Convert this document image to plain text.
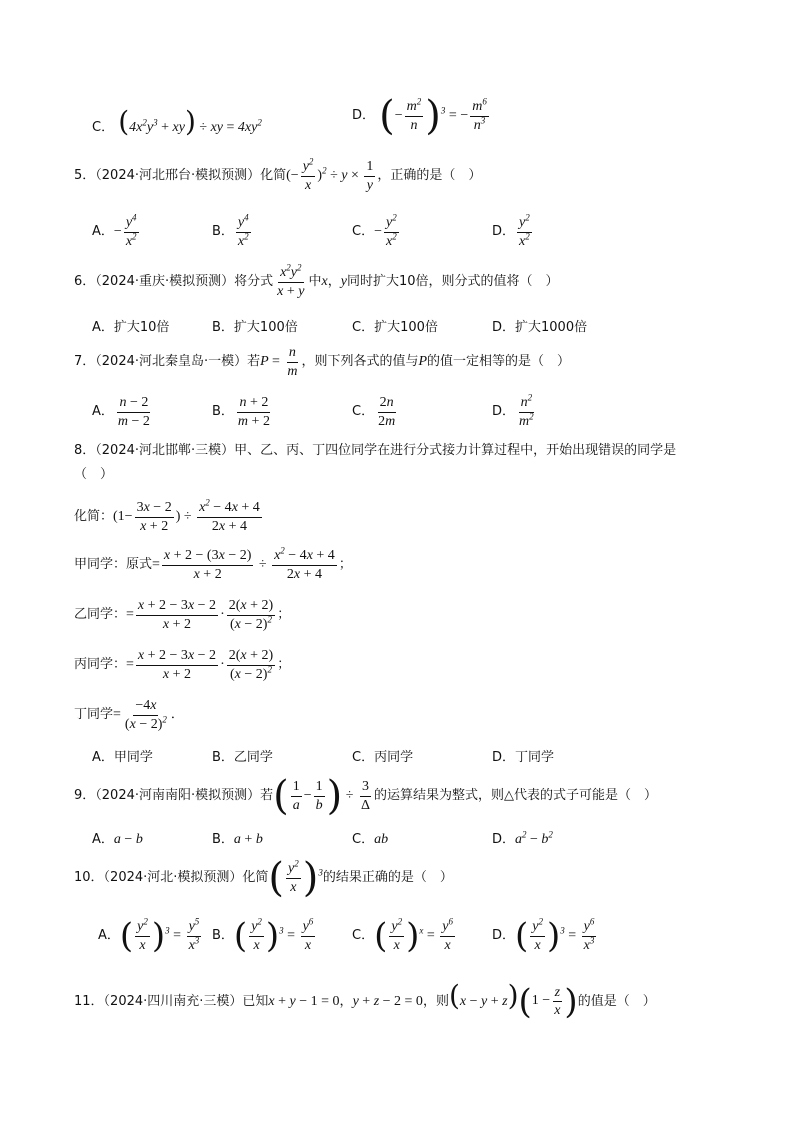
C． $(4x^2y^3 + xy)$ ÷ xy = $4xy^2$	D． ( − $\frac{m^2}{n}$ ) $^3$ = − $\frac{m^6}{n^3}$
5．（2024·河北邢台·模拟预测）化简(− $\frac{y^2}{x} )^2 \div y \times \frac{1}{y}$ ，正确的是（　）
A．− $\frac{y^4}{x^2}$	B． $\frac{y^4}{x^2}$	C．− $\frac{y^2}{x^2}$	D． $\frac{y^2}{x^2}$
6．（2024·重庆·模拟预测）将分式 $\frac{x^2y^2}{x + y}$ 中x，y同时扩大10倍，则分式的值将（　）
A．扩大10倍	B．扩大100倍	C．扩大100倍	D．扩大1000倍
7．（2024·河北秦皇岛·一模）若$P = \frac{n}{m}$ ，则下列各式的值与P的值一定相等的是（　）
A． $\frac{n - 2}{m - 2}$	B． $\frac{n + 2}{m + 2}$	C． $\frac{2n}{2m}$	D． $\frac{n^2}{m^2}$
8．（2024·河北邯郸·三模）甲、乙、丙、丁四位同学在进行分式接力计算过程中，开始出现错误的同学是
（　）
化简：($1- \frac{3x - 2}{x + 2}$ ) ÷ $\frac{x^2 - 4x + 4}{2x + 4}$
甲同学：原式= $\frac{x + 2 - (3x - 2)}{x + 2} \div \frac{x^2 - 4x + 4}{2x + 4}$ ；
乙同学：= $\frac{x + 2 - 3x - 2}{x + 2} \cdot \frac{2(x + 2)}{(x - 2)^2}$ ；
丙同学：= $\frac{x + 2 - 3x - 2}{x + 2} \cdot \frac{2(x + 2)}{(x - 2)^2}$ ；
丁同学= $\frac{-4x}{(x - 2)^2}$ ．
A．甲同学	B．乙同学	C．丙同学	D．丁同学
9．（2024·河南南阳·模拟预测）若 ( $\frac{1}{a} - \frac{1}{b}$ ) ÷ $\frac{3}{\Delta}$ 的运算结果为整式，则△代表的式子可能是（　）
A．a − b	B．a + b	C．ab	D．$a^2 - b^2$
10．（2024·河北·模拟预测）化简 ( $\frac{y^2}{x}$ ) $^3$的结果正确的是（　）
A． ( $\frac{y^2}{x}$ ) $^3 = \frac{y^5}{x^3}$ B． ( $\frac{y^2}{x}$ ) $^3 = \frac{y^6}{x}$	C． ( $\frac{y^2}{x}$ ) $^x = \frac{y^6}{x}$	D． ( $\frac{y^2}{x}$ ) $^3 = \frac{y^6}{x^3}$
11．（2024·四川南充·三模）已知x + y − 1 = 0，y + z − 2 = 0，则(x − y + z) ( $1 - \frac{z}{x}$ ) 的值是（　）
